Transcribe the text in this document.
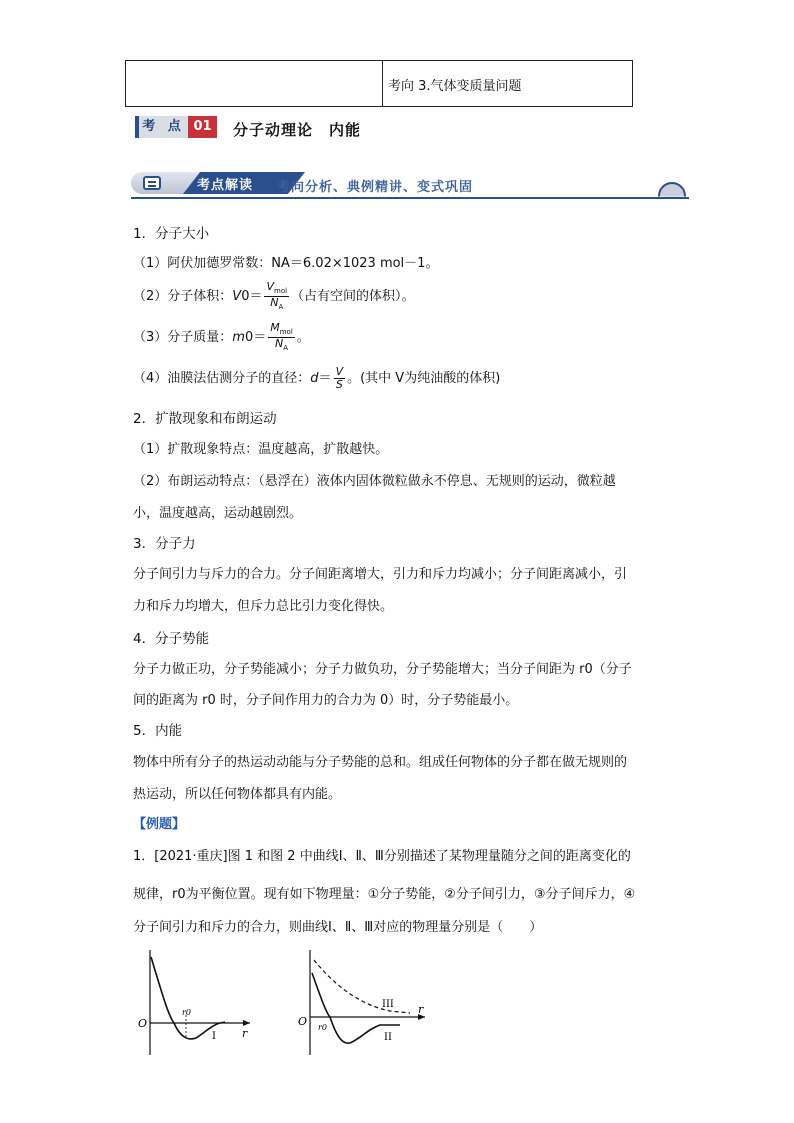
考向 3.气体变质量问题
考 点 01	分子动理论　内能
考点解读 考向分析、典例精讲、变式巩固
1．分子大小
（1）阿伏加德罗常数：NA＝6.02×1023 mol－1。
（2）分子体积：$V0= \frac{V_{mol}}{N_A}$ （占有空间的体积）。
（3）分子质量：$m0= \frac{M_{mol}}{N_A}$ 。
（4）油膜法估测分子的直径：$d= \frac{V}{S}$ 。(其中 V为纯油酸的体积)
2．扩散现象和布朗运动
（1）扩散现象特点：温度越高，扩散越快。
（2）布朗运动特点：（悬浮在）液体内固体微粒做永不停息、无规则的运动，微粒越
小，温度越高，运动越剧烈。
3．分子力
分子间引力与斥力的合力。分子间距离增大，引力和斥力均减小；分子间距离减小，引
力和斥力均增大，但斥力总比引力变化得快。
4．分子势能
分子力做正功，分子势能减小；分子力做负功，分子势能增大；当分子间距为 r0（分子
间的距离为 r0 时，分子间作用力的合力为 0）时，分子势能最小。
5．内能
物体中所有分子的热运动动能与分子势能的总和。组成任何物体的分子都在做无规则的
热运动，所以任何物体都具有内能。
【例题】
1．[2021·重庆]图 1 和图 2 中曲线Ⅰ、Ⅱ、Ⅲ分别描述了某物理量随分之间的距离变化的
规律，r0为平衡位置。现有如下物理量：①分子势能，②分子间引力，③分子间斥力，④
分子间引力和斥力的合力，则曲线Ⅰ、Ⅱ、Ⅲ对应的物理量分别是（　　）
O
r
r0
I
O
r
r0
III
II
